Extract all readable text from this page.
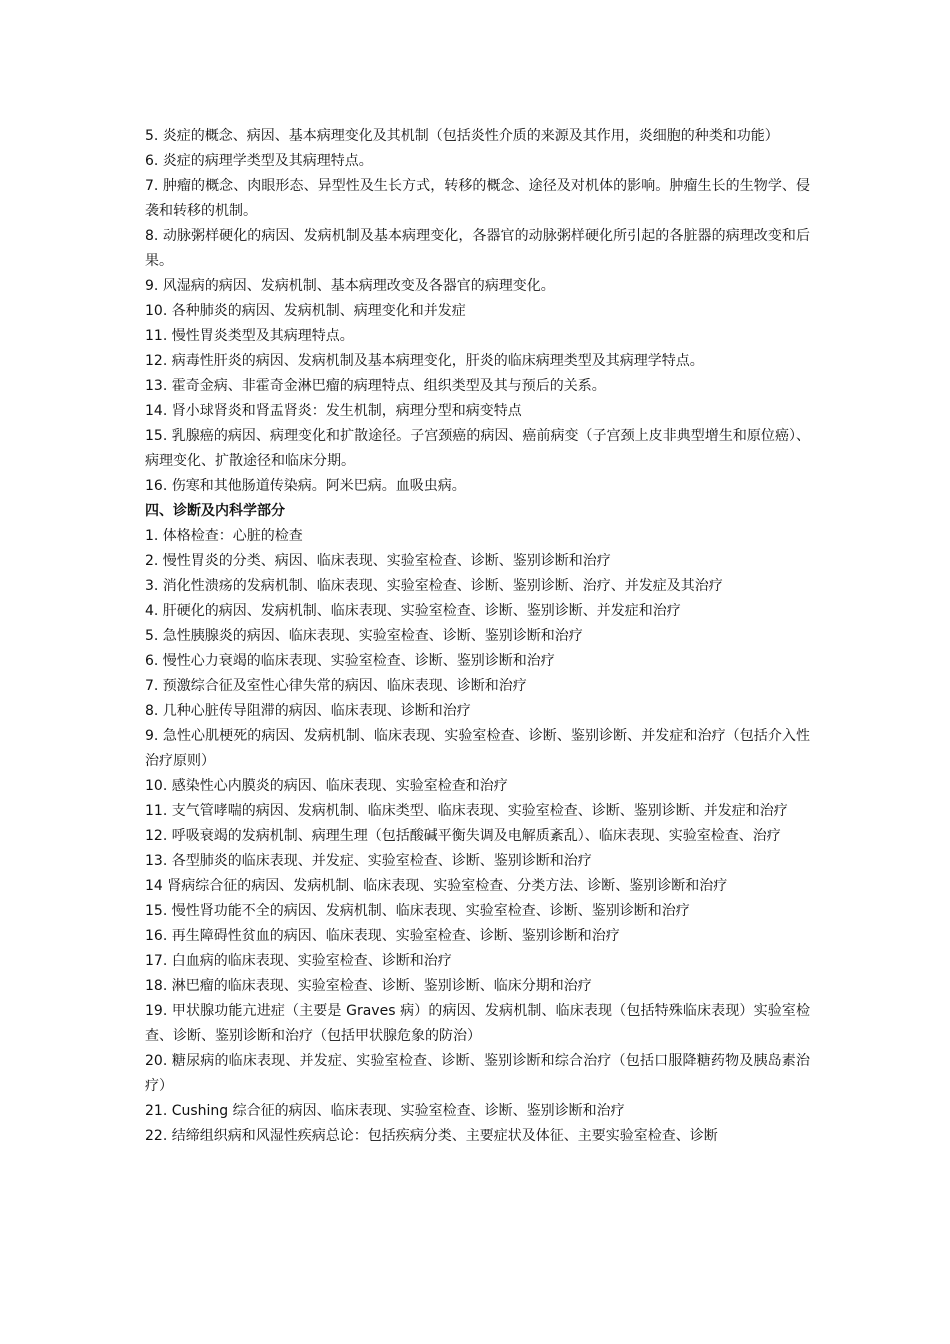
5. 炎症的概念、病因、基本病理变化及其机制（包括炎性介质的来源及其作用，炎细胞的种类和功能）

6. 炎症的病理学类型及其病理特点。

7. 肿瘤的概念、肉眼形态、异型性及生长方式，转移的概念、途径及对机体的影响。肿瘤生长的生物学、侵袭和转移的机制。

8. 动脉粥样硬化的病因、发病机制及基本病理变化，各器官的动脉粥样硬化所引起的各脏器的病理改变和后果。

9. 风湿病的病因、发病机制、基本病理改变及各器官的病理变化。

10. 各种肺炎的病因、发病机制、病理变化和并发症

11. 慢性胃炎类型及其病理特点。

12. 病毒性肝炎的病因、发病机制及基本病理变化，肝炎的临床病理类型及其病理学特点。

13. 霍奇金病、非霍奇金淋巴瘤的病理特点、组织类型及其与预后的关系。

14. 肾小球肾炎和肾盂肾炎：发生机制，病理分型和病变特点

15. 乳腺癌的病因、病理变化和扩散途径。子宫颈癌的病因、癌前病变（子宫颈上皮非典型增生和原位癌）、病理变化、扩散途径和临床分期。

16. 伤寒和其他肠道传染病。阿米巴病。血吸虫病。

四、诊断及内科学部分

1. 体格检查：心脏的检查

2. 慢性胃炎的分类、病因、临床表现、实验室检查、诊断、鉴别诊断和治疗

3. 消化性溃疡的发病机制、临床表现、实验室检查、诊断、鉴别诊断、治疗、并发症及其治疗

4. 肝硬化的病因、发病机制、临床表现、实验室检查、诊断、鉴别诊断、并发症和治疗

5. 急性胰腺炎的病因、临床表现、实验室检查、诊断、鉴别诊断和治疗

6. 慢性心力衰竭的临床表现、实验室检查、诊断、鉴别诊断和治疗

7. 预激综合征及室性心律失常的病因、临床表现、诊断和治疗

8. 几种心脏传导阻滞的病因、临床表现、诊断和治疗

9. 急性心肌梗死的病因、发病机制、临床表现、实验室检查、诊断、鉴别诊断、并发症和治疗（包括介入性治疗原则）

10. 感染性心内膜炎的病因、临床表现、实验室检查和治疗

11. 支气管哮喘的病因、发病机制、临床类型、临床表现、实验室检查、诊断、鉴别诊断、并发症和治疗

12. 呼吸衰竭的发病机制、病理生理（包括酸碱平衡失调及电解质紊乱）、临床表现、实验室检查、治疗

13. 各型肺炎的临床表现、并发症、实验室检查、诊断、鉴别诊断和治疗

14 肾病综合征的病因、发病机制、临床表现、实验室检查、分类方法、诊断、鉴别诊断和治疗

15. 慢性肾功能不全的病因、发病机制、临床表现、实验室检查、诊断、鉴别诊断和治疗

16. 再生障碍性贫血的病因、临床表现、实验室检查、诊断、鉴别诊断和治疗

17. 白血病的临床表现、实验室检查、诊断和治疗

18. 淋巴瘤的临床表现、实验室检查、诊断、鉴别诊断、临床分期和治疗

19. 甲状腺功能亢进症（主要是 Graves 病）的病因、发病机制、临床表现（包括特殊临床表现）实验室检查、诊断、鉴别诊断和治疗（包括甲状腺危象的防治）

20. 糖尿病的临床表现、并发症、实验室检查、诊断、鉴别诊断和综合治疗（包括口服降糖药物及胰岛素治疗）

21. Cushing 综合征的病因、临床表现、实验室检查、诊断、鉴别诊断和治疗

22. 结缔组织病和风湿性疾病总论：包括疾病分类、主要症状及体征、主要实验室检查、诊断
